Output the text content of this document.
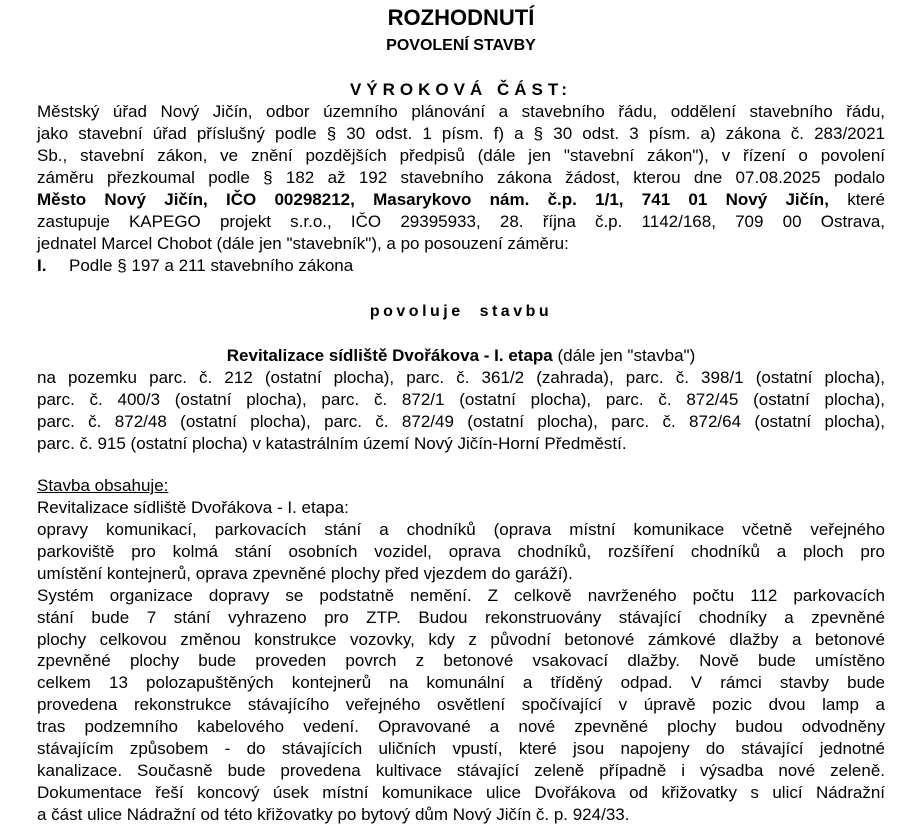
ROZHODNUTÍ
POVOLENÍ STAVBY
VÝROKOVÁ ČÁST:
Městský úřad Nový Jičín, odbor územního plánování a stavebního řádu, oddělení stavebního řádu,
jako stavební úřad příslušný podle § 30 odst. 1 písm. f) a § 30 odst. 3 písm. a) zákona č. 283/2021
Sb., stavební zákon, ve znění pozdějších předpisů (dále jen "stavební zákon"), v řízení o povolení
záměru přezkoumal podle § 182 až 192 stavebního zákona žádost, kterou dne 07.08.2025 podalo
Město Nový Jičín, IČO 00298212, Masarykovo nám. č.p. 1/1, 741 01 Nový Jičín, které
zastupuje KAPEGO projekt s.r.o., IČO 29395933, 28. října č.p. 1142/168, 709 00 Ostrava,
jednatel Marcel Chobot (dále jen "stavebník"), a po posouzení záměru:
I. Podle § 197 a 211 stavebního zákona
povoluje stavbu
Revitalizace sídliště Dvořákova - I. etapa (dále jen "stavba")
na pozemku parc. č. 212 (ostatní plocha), parc. č. 361/2 (zahrada), parc. č. 398/1 (ostatní plocha),
parc. č. 400/3 (ostatní plocha), parc. č. 872/1 (ostatní plocha), parc. č. 872/45 (ostatní plocha),
parc. č. 872/48 (ostatní plocha), parc. č. 872/49 (ostatní plocha), parc. č. 872/64 (ostatní plocha),
parc. č. 915 (ostatní plocha) v katastrálním území Nový Jičín-Horní Předměstí.
Stavba obsahuje:
Revitalizace sídliště Dvořákova - I. etapa:
opravy komunikací, parkovacích stání a chodníků (oprava místní komunikace včetně veřejného
parkoviště pro kolmá stání osobních vozidel, oprava chodníků, rozšíření chodníků a ploch pro
umístění kontejnerů, oprava zpevněné plochy před vjezdem do garáží).
Systém organizace dopravy se podstatně nemění. Z celkově navrženého počtu 112 parkovacích
stání bude 7 stání vyhrazeno pro ZTP. Budou rekonstruovány stávající chodníky a zpevněné
plochy celkovou změnou konstrukce vozovky, kdy z původní betonové zámkové dlažby a betonové
zpevněné plochy bude proveden povrch z betonové vsakovací dlažby. Nově bude umístěno
celkem 13 polozapuštěných kontejnerů na komunální a tříděný odpad. V rámci stavby bude
provedena rekonstrukce stávajícího veřejného osvětlení spočívající v úpravě pozic dvou lamp a
tras podzemního kabelového vedení. Opravované a nové zpevněné plochy budou odvodněny
stávajícím způsobem - do stávajících uličních vpustí, které jsou napojeny do stávající jednotné
kanalizace. Současně bude provedena kultivace stávající zeleně případně i výsadba nové zeleně.
Dokumentace řeší koncový úsek místní komunikace ulice Dvořákova od křižovatky s ulicí Nádražní
a část ulice Nádražní od této křižovatky po bytový dům Nový Jičín č. p. 924/33.
